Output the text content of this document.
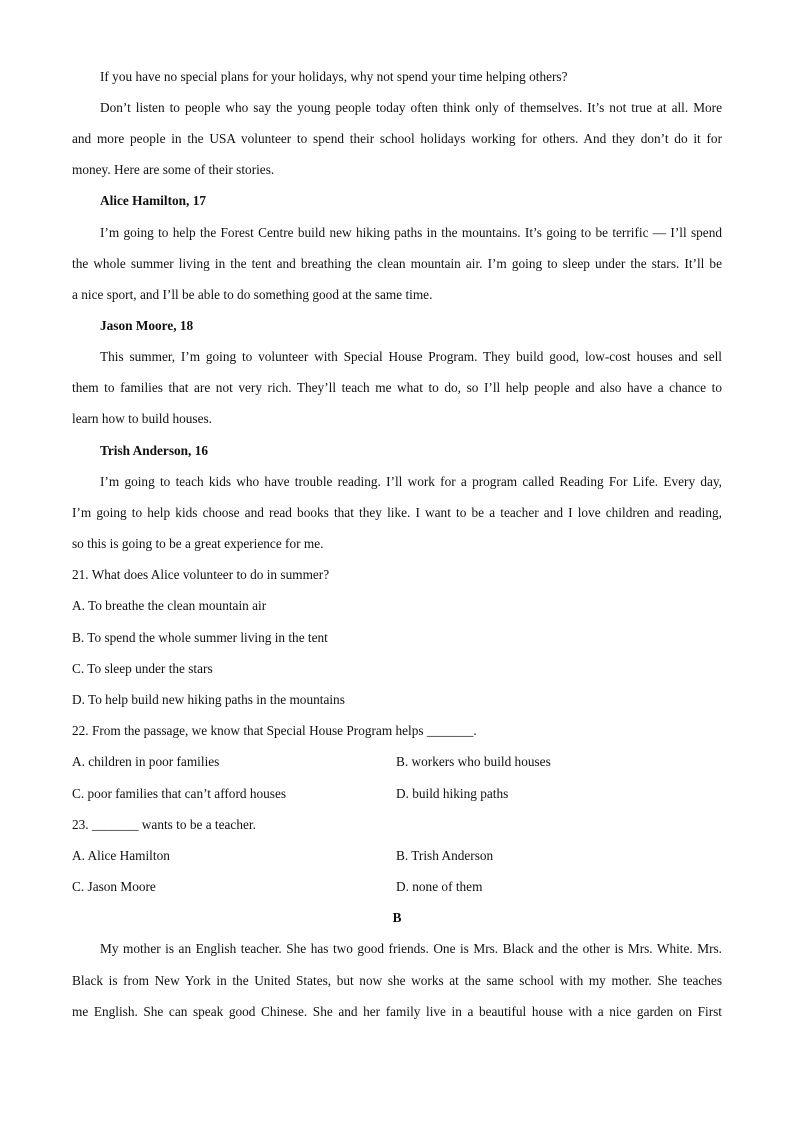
If you have no special plans for your holidays, why not spend your time helping others?
Don’t listen to people who say the young people today often think only of themselves. It’s not true at all. More
and more people in the USA volunteer to spend their school holidays working for others. And they don’t do it for
money. Here are some of their stories.
Alice Hamilton, 17
I’m going to help the Forest Centre build new hiking paths in the mountains. It’s going to be terrific — I’ll spend
the whole summer living in the tent and breathing the clean mountain air. I’m going to sleep under the stars. It’ll be
a nice sport, and I’ll be able to do something good at the same time.
Jason Moore, 18
This summer, I’m going to volunteer with Special House Program. They build good, low-cost houses and sell
them to families that are not very rich. They’ll teach me what to do, so I’ll help people and also have a chance to
learn how to build houses.
Trish Anderson, 16
I’m going to teach kids who have trouble reading. I’ll work for a program called Reading For Life. Every day,
I’m going to help kids choose and read books that they like. I want to be a teacher and I love children and reading,
so this is going to be a great experience for me.
21. What does Alice volunteer to do in summer?
A. To breathe the clean mountain air
B. To spend the whole summer living in the tent
C. To sleep under the stars
D. To help build new hiking paths in the mountains
22. From the passage, we know that Special House Program helps _______.
A. children in poor families	B. workers who build houses
C. poor families that can’t afford houses	D. build hiking paths
23. _______ wants to be a teacher.
A. Alice Hamilton	B. Trish Anderson
C. Jason Moore	D. none of them
B
My mother is an English teacher. She has two good friends. One is Mrs. Black and the other is Mrs. White. Mrs.
Black is from New York in the United States, but now she works at the same school with my mother. She teaches
me English. She can speak good Chinese. She and her family live in a beautiful house with a nice garden on First
